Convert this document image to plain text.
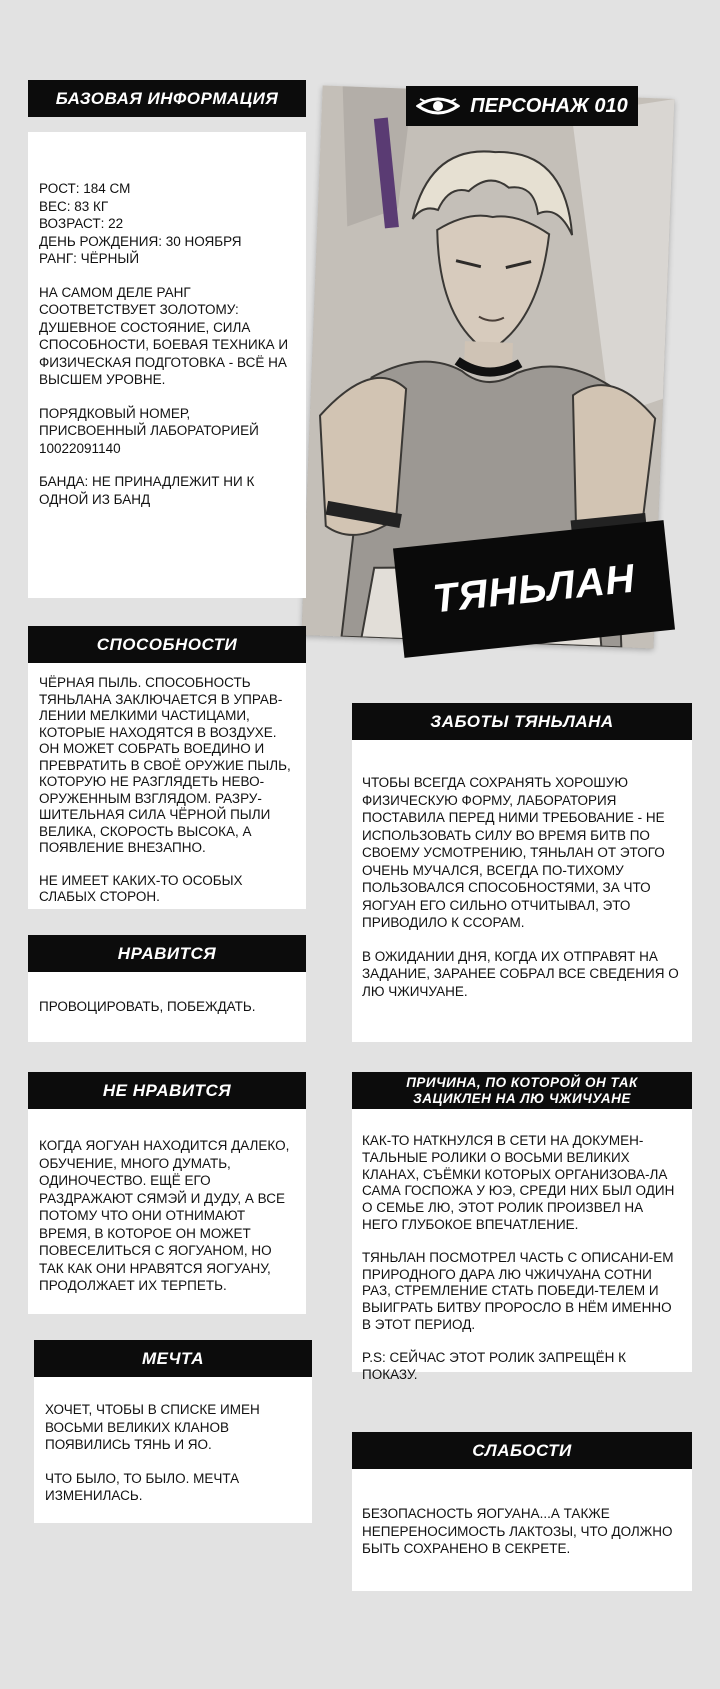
ПЕРСОНАЖ 010
ТЯНЬЛАН
БАЗОВАЯ ИНФОРМАЦИЯ

РОСТ: 184 СМ
ВЕС: 83 КГ
ВОЗРАСТ: 22
ДЕНЬ РОЖДЕНИЯ: 30 НОЯБРЯ
РАНГ: ЧЁРНЫЙ

НА САМОМ ДЕЛЕ РАНГ СООТВЕТСТВУЕТ ЗОЛОТОМУ: ДУШЕВНОЕ СОСТОЯНИЕ, СИЛА СПОСОБНОСТИ, БОЕВАЯ ТЕХНИКА И ФИЗИЧЕСКАЯ ПОДГОТОВКА - ВСЁ НА ВЫСШЕМ УРОВНЕ.

ПОРЯДКОВЫЙ НОМЕР, ПРИСВОЕННЫЙ ЛАБОРАТОРИЕЙ 10022091140

БАНДА: НЕ ПРИНАДЛЕЖИТ НИ К ОДНОЙ ИЗ БАНД

СПОСОБНОСТИ

ЧЁРНАЯ ПЫЛЬ. СПОСОБНОСТЬ ТЯНЬЛАНА ЗАКЛЮЧАЕТСЯ В УПРАВ-ЛЕНИИ МЕЛКИМИ ЧАСТИЦАМИ, КОТОРЫЕ НАХОДЯТСЯ В ВОЗДУХЕ. ОН МОЖЕТ СОБРАТЬ ВОЕДИНО И ПРЕВРАТИТЬ В СВОЁ ОРУЖИЕ ПЫЛЬ, КОТОРУЮ НЕ РАЗГЛЯДЕТЬ НЕВО-ОРУЖЕННЫМ ВЗГЛЯДОМ. РАЗРУ-ШИТЕЛЬНАЯ СИЛА ЧЁРНОЙ ПЫЛИ ВЕЛИКА, СКОРОСТЬ ВЫСОКА, А ПОЯВЛЕНИЕ ВНЕЗАПНО.

НЕ ИМЕЕТ КАКИХ-ТО ОСОБЫХ СЛАБЫХ СТОРОН.

НРАВИТСЯ

ПРОВОЦИРОВАТЬ, ПОБЕЖДАТЬ.

НЕ НРАВИТСЯ

КОГДА ЯОГУАН НАХОДИТСЯ ДАЛЕКО, ОБУЧЕНИЕ, МНОГО ДУМАТЬ, ОДИНОЧЕСТВО. ЕЩЁ ЕГО РАЗДРАЖАЮТ СЯМЭЙ И ДУДУ, А ВСЕ ПОТОМУ ЧТО ОНИ ОТНИМАЮТ ВРЕМЯ, В КОТОРОЕ ОН МОЖЕТ ПОВЕСЕЛИТЬСЯ С ЯОГУАНОМ, НО ТАК КАК ОНИ НРАВЯТСЯ ЯОГУАНУ, ПРОДОЛЖАЕТ ИХ ТЕРПЕТЬ.

МЕЧТА

ХОЧЕТ, ЧТОБЫ В СПИСКЕ ИМЕН ВОСЬМИ ВЕЛИКИХ КЛАНОВ ПОЯВИЛИСЬ ТЯНЬ И ЯО.

ЧТО БЫЛО, ТО БЫЛО. МЕЧТА ИЗМЕНИЛАСЬ.

ЗАБОТЫ ТЯНЬЛАНА

ЧТОБЫ ВСЕГДА СОХРАНЯТЬ ХОРОШУЮ ФИЗИЧЕСКУЮ ФОРМУ, ЛАБОРАТОРИЯ ПОСТАВИЛА ПЕРЕД НИМИ ТРЕБОВАНИЕ - НЕ ИСПОЛЬЗОВАТЬ СИЛУ ВО ВРЕМЯ БИТВ ПО СВОЕМУ УСМОТРЕНИЮ, ТЯНЬЛАН ОТ ЭТОГО ОЧЕНЬ МУЧАЛСЯ, ВСЕГДА ПО-ТИХОМУ ПОЛЬЗОВАЛСЯ СПОСОБНОСТЯМИ, ЗА ЧТО ЯОГУАН ЕГО СИЛЬНО ОТЧИТЫВАЛ, ЭТО ПРИВОДИЛО К ССОРАМ.

В ОЖИДАНИИ ДНЯ, КОГДА ИХ ОТПРАВЯТ НА ЗАДАНИЕ, ЗАРАНЕЕ СОБРАЛ ВСЕ СВЕДЕНИЯ О ЛЮ ЧЖИЧУАНЕ.

ПРИЧИНА, ПО КОТОРОЙ ОН ТАК
ЗАЦИКЛЕН НА ЛЮ ЧЖИЧУАНЕ

КАК-ТО НАТКНУЛСЯ В СЕТИ НА ДОКУМЕН-ТАЛЬНЫЕ РОЛИКИ О ВОСЬМИ ВЕЛИКИХ КЛАНАХ, СЪЁМКИ КОТОРЫХ ОРГАНИЗОВА-ЛА САМА ГОСПОЖА У ЮЭ, СРЕДИ НИХ БЫЛ ОДИН О СЕМЬЕ ЛЮ, ЭТОТ РОЛИК ПРОИЗВЕЛ НА НЕГО ГЛУБОКОЕ ВПЕЧАТЛЕНИЕ.

ТЯНЬЛАН ПОСМОТРЕЛ ЧАСТЬ С ОПИСАНИ-ЕМ ПРИРОДНОГО ДАРА ЛЮ ЧЖИЧУАНА СОТНИ РАЗ, СТРЕМЛЕНИЕ СТАТЬ ПОБЕДИ-ТЕЛЕМ И ВЫИГРАТЬ БИТВУ ПРОРОСЛО В НЁМ ИМЕННО В ЭТОТ ПЕРИОД.

P.S: СЕЙЧАС ЭТОТ РОЛИК ЗАПРЕЩЁН К ПОКАЗУ.

СЛАБОСТИ

БЕЗОПАСНОСТЬ ЯОГУАНА...А ТАКЖЕ НЕПЕРЕНОСИМОСТЬ ЛАКТОЗЫ, ЧТО ДОЛЖНО БЫТЬ СОХРАНЕНО В СЕКРЕТЕ.
